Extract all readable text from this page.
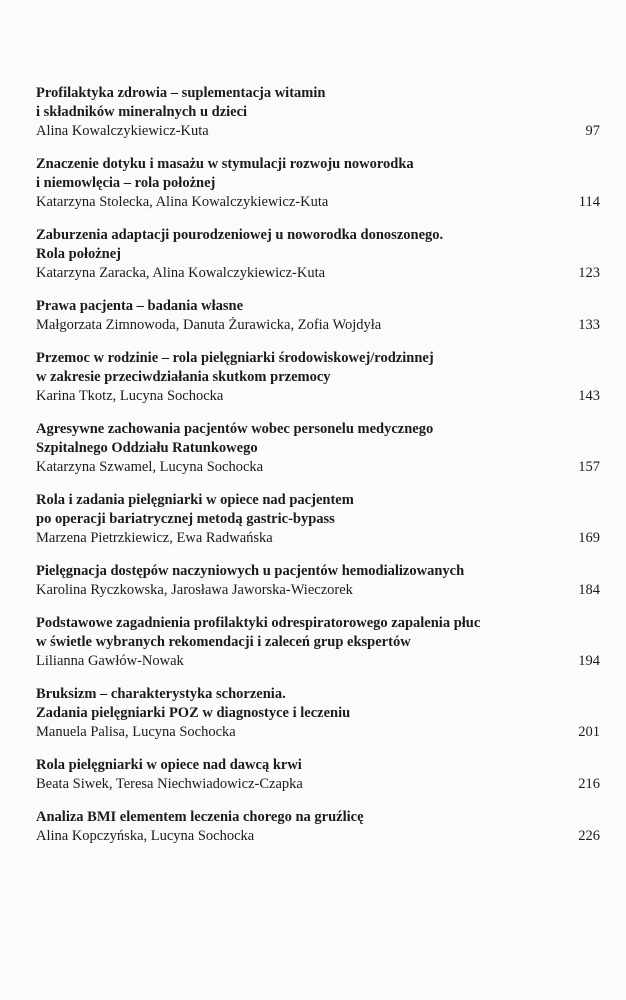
Profilaktyka zdrowia – suplementacja witamin
i składników mineralnych u dzieci
Alina Kowalczykiewicz-Kuta	97
Znaczenie dotyku i masażu w stymulacji rozwoju noworodka
i niemowlęcia – rola położnej
Katarzyna Stolecka, Alina Kowalczykiewicz-Kuta	114
Zaburzenia adaptacji pourodzeniowej u noworodka donoszonego.
Rola położnej
Katarzyna Zaracka, Alina Kowalczykiewicz-Kuta	123
Prawa pacjenta – badania własne
Małgorzata Zimnowoda, Danuta Żurawicka, Zofia Wojdyła	133
Przemoc w rodzinie – rola pielęgniarki środowiskowej/rodzinnej
w zakresie przeciwdziałania skutkom przemocy
Karina Tkotz, Lucyna Sochocka	143
Agresywne zachowania pacjentów wobec personelu medycznego
Szpitalnego Oddziału Ratunkowego
Katarzyna Szwamel, Lucyna Sochocka	157
Rola i zadania pielęgniarki w opiece nad pacjentem
po operacji bariatrycznej metodą gastric-bypass
Marzena Pietrzkiewicz, Ewa Radwańska	169
Pielęgnacja dostępów naczyniowych u pacjentów hemodializowanych
Karolina Ryczkowska, Jarosława Jaworska-Wieczorek	184
Podstawowe zagadnienia profilaktyki odrespiratorowego zapalenia płuc
w świetle wybranych rekomendacji i zaleceń grup ekspertów
Lilianna Gawłów-Nowak	194
Bruksizm – charakterystyka schorzenia.
Zadania pielęgniarki POZ w diagnostyce i leczeniu
Manuela Palisa, Lucyna Sochocka	201
Rola pielęgniarki w opiece nad dawcą krwi
Beata Siwek, Teresa Niechwiadowicz-Czapka	216
Analiza BMI elementem leczenia chorego na gruźlicę
Alina Kopczyńska, Lucyna Sochocka	226
